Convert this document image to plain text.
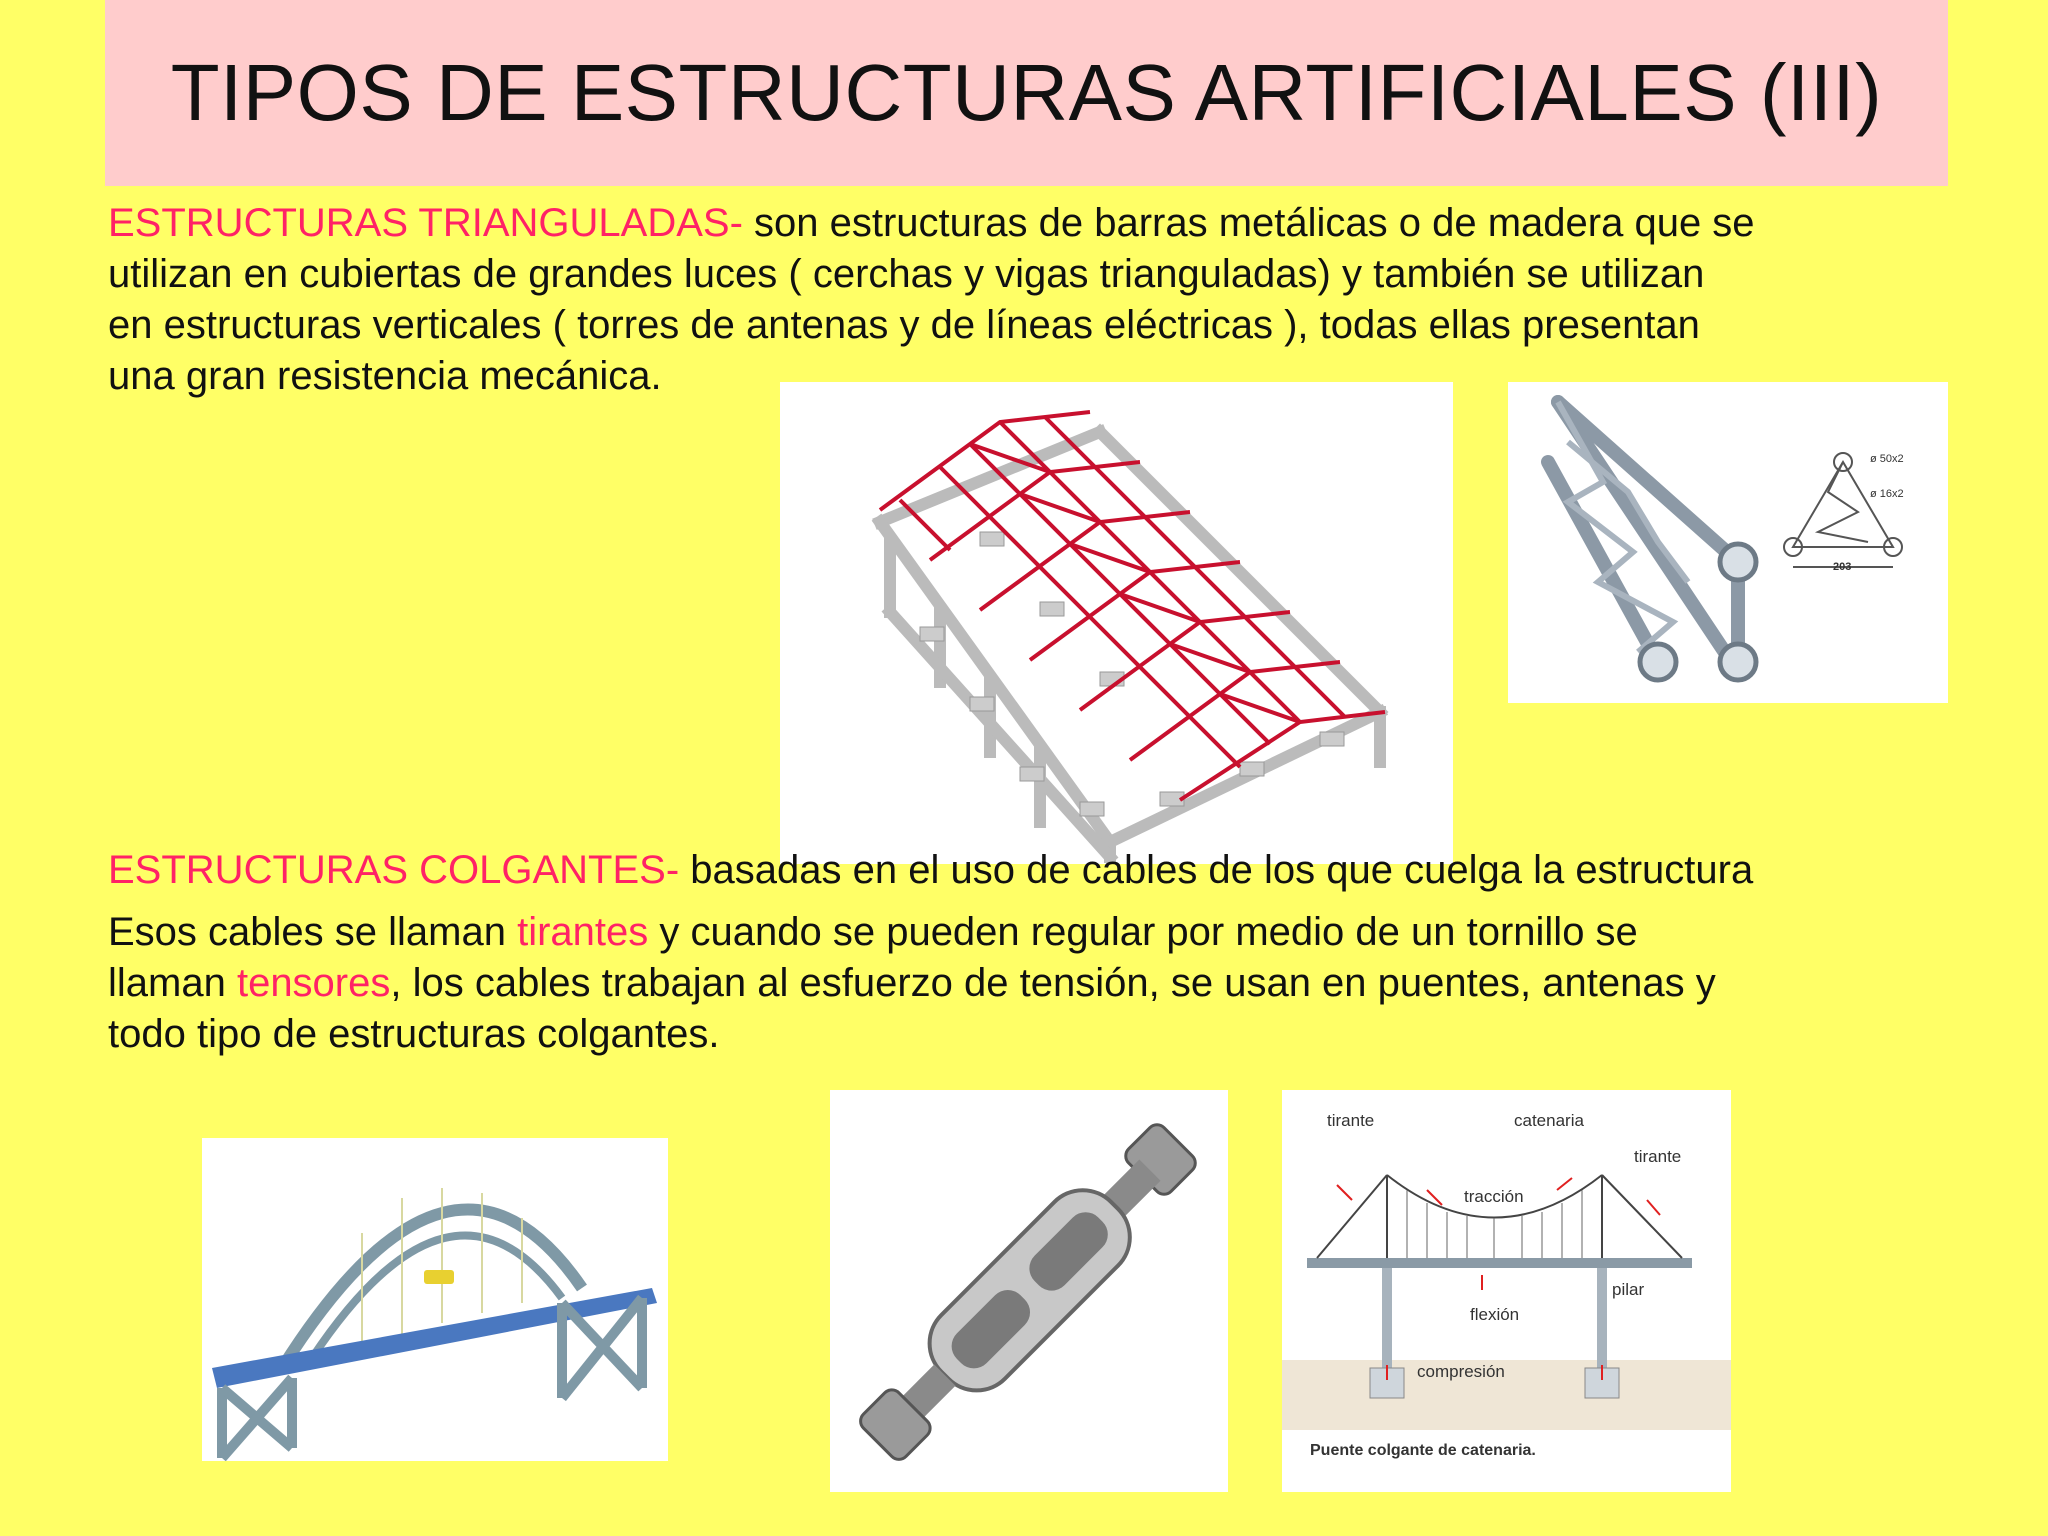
TIPOS DE ESTRUCTURAS ARTIFICIALES (III)
ESTRUCTURAS TRIANGULADAS- son estructuras de barras metálicas o de madera que se
utilizan en cubiertas de grandes luces ( cerchas y vigas trianguladas) y también se utilizan
en estructuras verticales ( torres de antenas y de líneas eléctricas ), todas ellas presentan
una gran resistencia mecánica.
ø 50x2
ø 16x2
203
ESTRUCTURAS COLGANTES- basadas en el uso de cables de los que cuelga la estructura
Esos cables se llaman tirantes y cuando se pueden regular por medio de un tornillo se
llaman tensores, los cables trabajan al esfuerzo de tensión, se usan en puentes, antenas y
todo tipo de estructuras colgantes.
tirante	catenaria
tirante
tracción
flexión
pilar
compresión
Puente colgante de catenaria.
